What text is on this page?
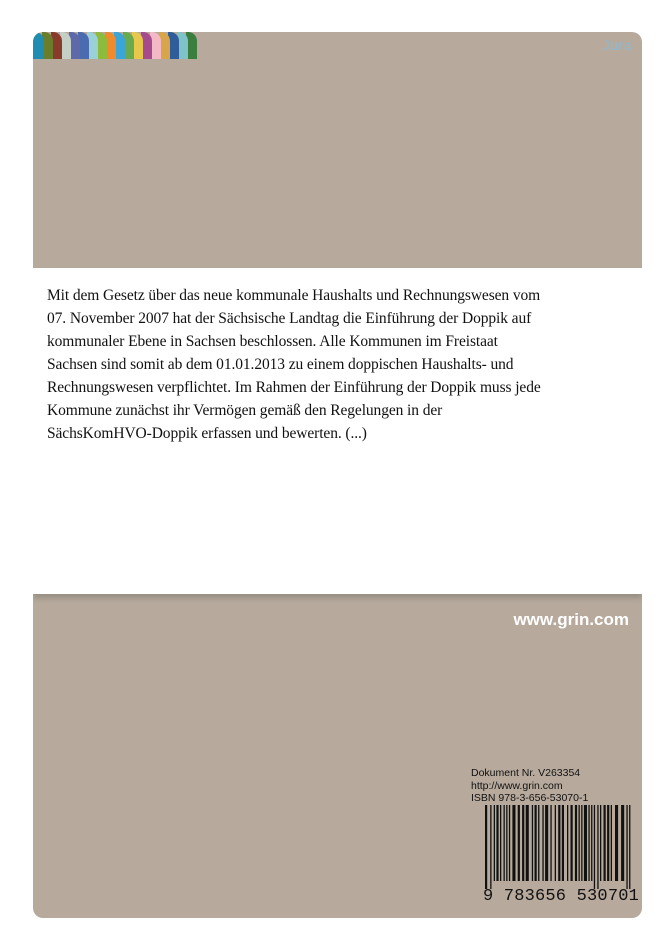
Jura

Mit dem Gesetz über das neue kommunale Haushalts und Rechnungswesen vom 07. November 2007 hat der Sächsische Landtag die Einführung der Doppik auf kommunaler Ebene in Sachsen beschlossen. Alle Kommunen im Freistaat Sachsen sind somit ab dem 01.01.2013 zu einem doppischen Haushalts- und Rechnungswesen verpflichtet. Im Rahmen der Einführung der Doppik muss jede Kommune zunächst ihr Vermögen gemäß den Regelungen in der SächsKomHVO-Doppik erfassen und bewerten. (...)

www.grin.com
Dokument Nr. V263354
http://www.grin.com
ISBN 978-3-656-53070-1
9 783656 530701
